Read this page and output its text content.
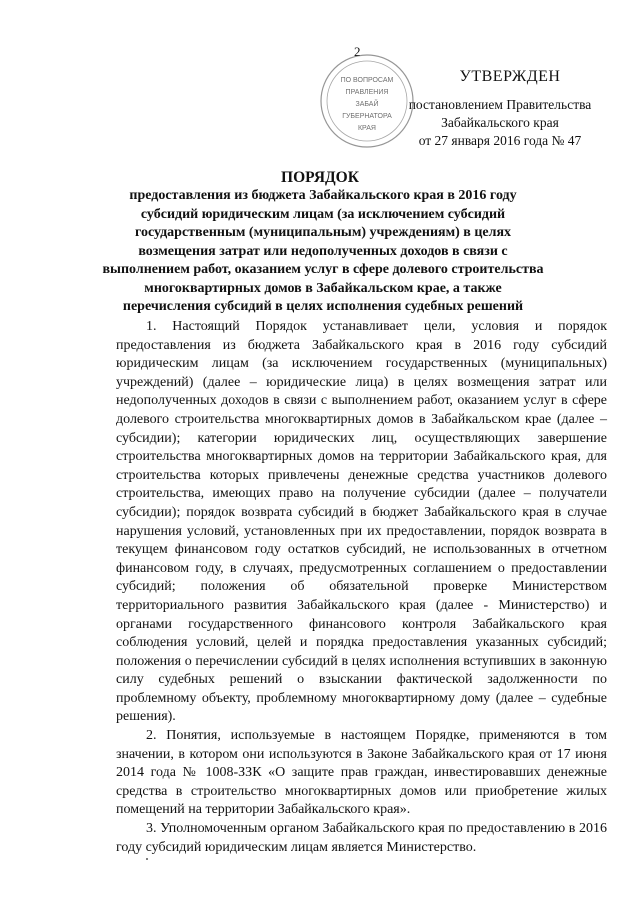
2
ПО ВОПРОСАМ
ПРАВЛЕНИЯ
ЗАБАЙ
ГУБЕРНАТОРА
КРАЯ
УТВЕРЖДЕН
постановлением Правительства
Забайкальского края
от 27 января 2016 года № 47
ПОРЯДОК
предоставления из бюджета Забайкальского края в 2016 году субсидий юридическим лицам (за исключением субсидий государственным (муниципальным) учреждениям) в целях возмещения затрат или недополученных доходов в связи с выполнением работ, оказанием услуг в сфере долевого строительства многоквартирных домов в Забайкальском крае, а также перечисления субсидий в целях исполнения судебных решений

1. Настоящий Порядок устанавливает цели, условия и порядок предоставления из бюджета Забайкальского края в 2016 году субсидий юридическим лицам (за исключением государственных (муниципальных) учреждений) (далее – юридические лица) в целях возмещения затрат или недополученных доходов в связи с выполнением работ, оказанием услуг в сфере долевого строительства многоквартирных домов в Забайкальском крае (далее – субсидии); категории юридических лиц, осуществляющих завершение строительства многоквартирных домов на территории Забайкальского края, для строительства которых привлечены денежные средства участников долевого строительства, имеющих право на получение субсидии (далее – получатели субсидии); порядок возврата субсидий в бюджет Забайкальского края в случае нарушения условий, установленных при их предоставлении, порядок возврата в текущем финансовом году остатков субсидий, не использованных в отчетном финансовом году, в случаях, предусмотренных соглашением о предоставлении субсидий; положения об обязательной проверке Министерством территориального развития Забайкальского края (далее - Министерство) и органами государственного финансового контроля Забайкальского края соблюдения условий, целей и порядка предоставления указанных субсидий; положения о перечислении субсидий в целях исполнения вступивших в законную силу судебных решений о взыскании фактической задолженности по проблемному объекту, проблемному многоквартирному дому (далее – судебные решения).

2. Понятия, используемые в настоящем Порядке, применяются в том значении, в котором они используются в Законе Забайкальского края от 17 июня 2014 года № 1008-ЗЗК «О защите прав граждан, инвестировавших денежные средства в строительство многоквартирных домов или приобретение жилых помещений на территории Забайкальского края».

3. Уполномоченным органом Забайкальского края по предоставлению в 2016 году субсидий юридическим лицам является Министерство.
